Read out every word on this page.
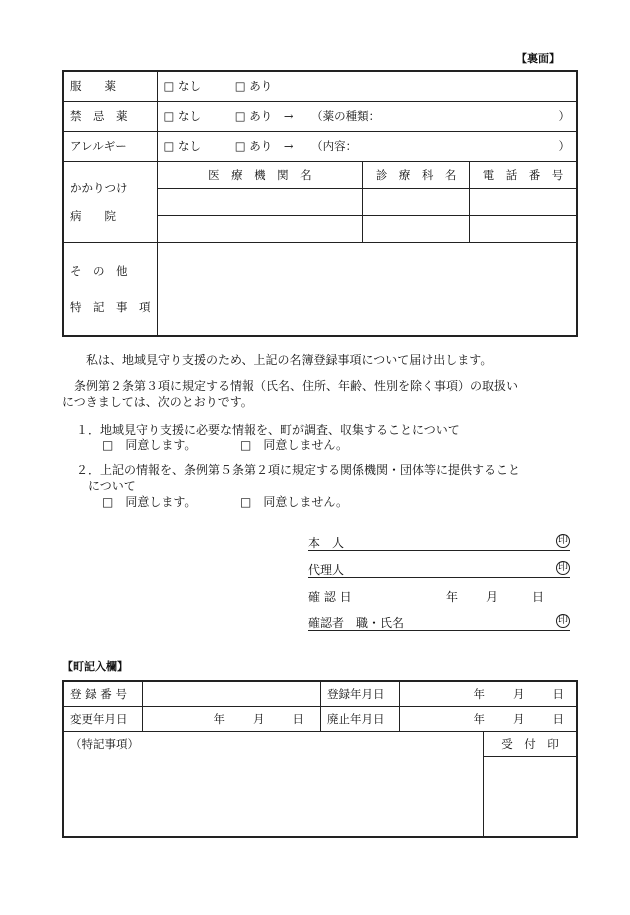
【裏面】
服　　薬	□ なし □ あり		
禁　忌　薬	□ なし □ あり → （薬の種類： ）		

アレルギー	□ なし □ あり → （内容： ）		

かかりつけ
病　　院	医　療　機　関　名	診　療　科　名	電　話　番　号

そ　の　他
特　記　事　項			

私は、地域見守り支援のため、上記の名簿登録事項について届け出します。
条例第２条第３項に規定する情報（氏名、住所、年齢、性別を除く事項）の取扱い
につきましては、次のとおりです。
１．地域見守り支援に必要な情報を、町が調査、収集することについて
□　同意します。	□　同意しません。
２．上記の情報を、条例第５条第２項に規定する関係機関・団体等に提供すること
について
□　同意します。	□　同意しません。
本　人	印
代理人	印
確 認 日	年 月	日
確認者　職・氏名	印
【町記入欄】
登 録 番 号		登録年月日	年 月 日	

変更年月日	年 月 日	廃止年月日	年 月 日	

（特記事項）				受　付　印
